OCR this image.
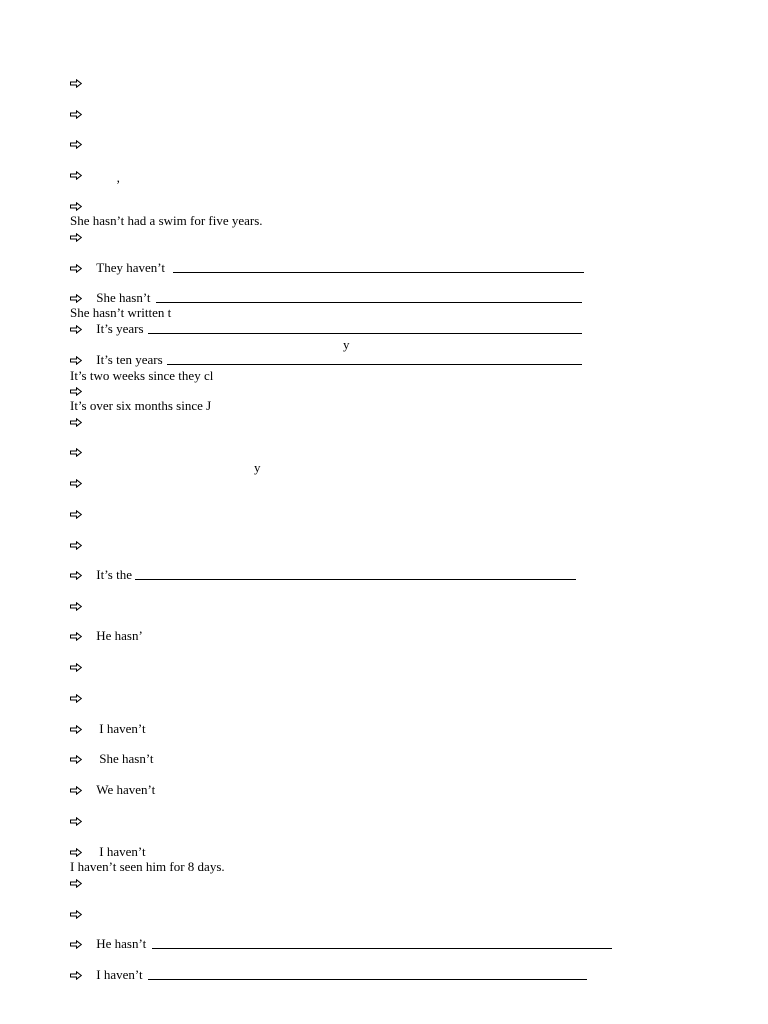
’
She hasn’t had a swim for five years.
They haven’t
She hasn’t
She hasn’t written t
It’s years
y
It’s ten years
It’s two weeks since they cl
It’s over six months since J
y
It’s the
He hasn’
I haven’t
She hasn’t
We haven’t
I haven’t
I haven’t seen him for 8 days.
He hasn’t
I haven’t
